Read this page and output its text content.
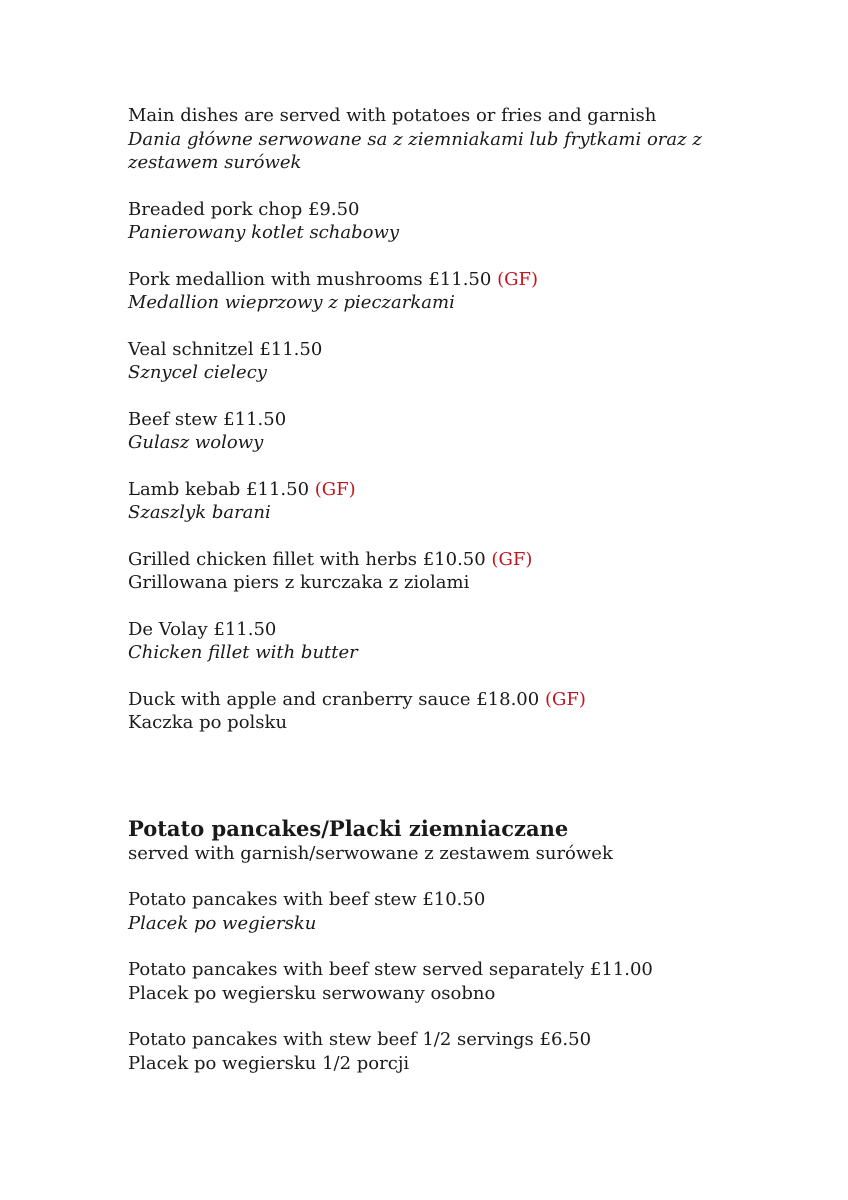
Main dishes are served with potatoes or fries and garnish
Dania główne serwowane sa z ziemniakami lub frytkami oraz z
zestawem surówek
Breaded pork chop £9.50
Panierowany kotlet schabowy
Pork medallion with mushrooms £11.50 (GF)
Medallion wieprzowy z pieczarkami
Veal schnitzel £11.50
Sznycel cielecy
Beef stew £11.50
Gulasz wolowy
Lamb kebab £11.50 (GF)
Szaszlyk barani
Grilled chicken fillet with herbs £10.50 (GF)
Grillowana piers z kurczaka z ziolami
De Volay £11.50
Chicken fillet with butter
Duck with apple and cranberry sauce £18.00 (GF)
Kaczka po polsku
Potato pancakes/Placki ziemniaczane
served with garnish/serwowane z zestawem surówek
Potato pancakes with beef stew £10.50
Placek po wegiersku
Potato pancakes with beef stew served separately £11.00
Placek po wegiersku serwowany osobno
Potato pancakes with stew beef 1/2 servings £6.50
Placek po wegiersku 1/2 porcji
